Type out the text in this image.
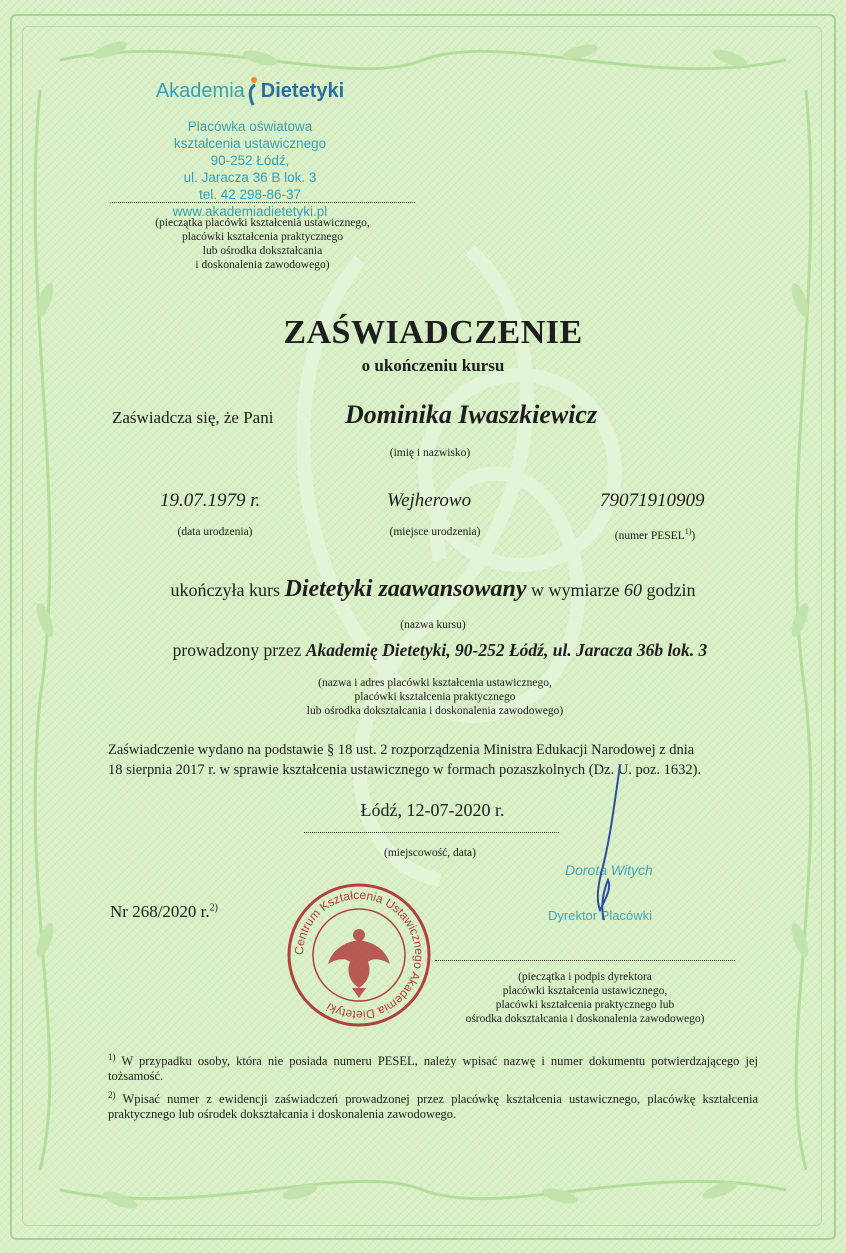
Akademia Dietetyki
Placówka oświatowa
kształcenia ustawicznego
90-252 Łódź,
ul. Jaracza 36 B lok. 3
tel. 42 298-86-37
www.akademiadietetyki.pl
(pieczątka placówki kształcenia ustawicznego,
placówki kształcenia praktycznego
lub ośrodka dokształcania
i doskonalenia zawodowego)
ZAŚWIADCZENIE
o ukończeniu kursu
Zaświadcza się, że Pani	Dominika Iwaszkiewicz
(imię i nazwisko)
19.07.1979 r.
(data urodzenia)
Wejherowo
(miejsce urodzenia)
79071910909
(numer PESEL$^{1)}$)
ukończyła kurs Dietetyki zaawansowany w wymiarze 60 godzin
(nazwa kursu)
prowadzony przez Akademię Dietetyki, 90-252 Łódź, ul. Jaracza 36b lok. 3
(nazwa i adres placówki kształcenia ustawicznego,
placówki kształcenia praktycznego
lub ośrodka dokształcania i doskonalenia zawodowego)
Zaświadczenie wydano na podstawie § 18 ust. 2 rozporządzenia Ministra Edukacji Narodowej z dnia
18 sierpnia 2017 r. w sprawie kształcenia ustawicznego w formach pozaszkolnych (Dz. U. poz. 1632).
Łódź, 12-07-2020 r.
(miejscowość, data)
Nr 268/2020 r.$^{2)}$
Centrum Kształcenia Ustawicznego Akademia Dietetyki
Dorota Witych
Dyrektor Placówki
(pieczątka i podpis dyrektora
placówki kształcenia ustawicznego,
placówki kształcenia praktycznego lub
ośrodka dokształcania i doskonalenia zawodowego)
$^{1)}$ W przypadku osoby, która nie posiada numeru PESEL, należy wpisać nazwę i numer dokumentu potwierdzającego jej tożsamość.
$^{2)}$ Wpisać numer z ewidencji zaświadczeń prowadzonej przez placówkę kształcenia ustawicznego, placówkę kształcenia praktycznego lub ośrodek dokształcania i doskonalenia zawodowego.
